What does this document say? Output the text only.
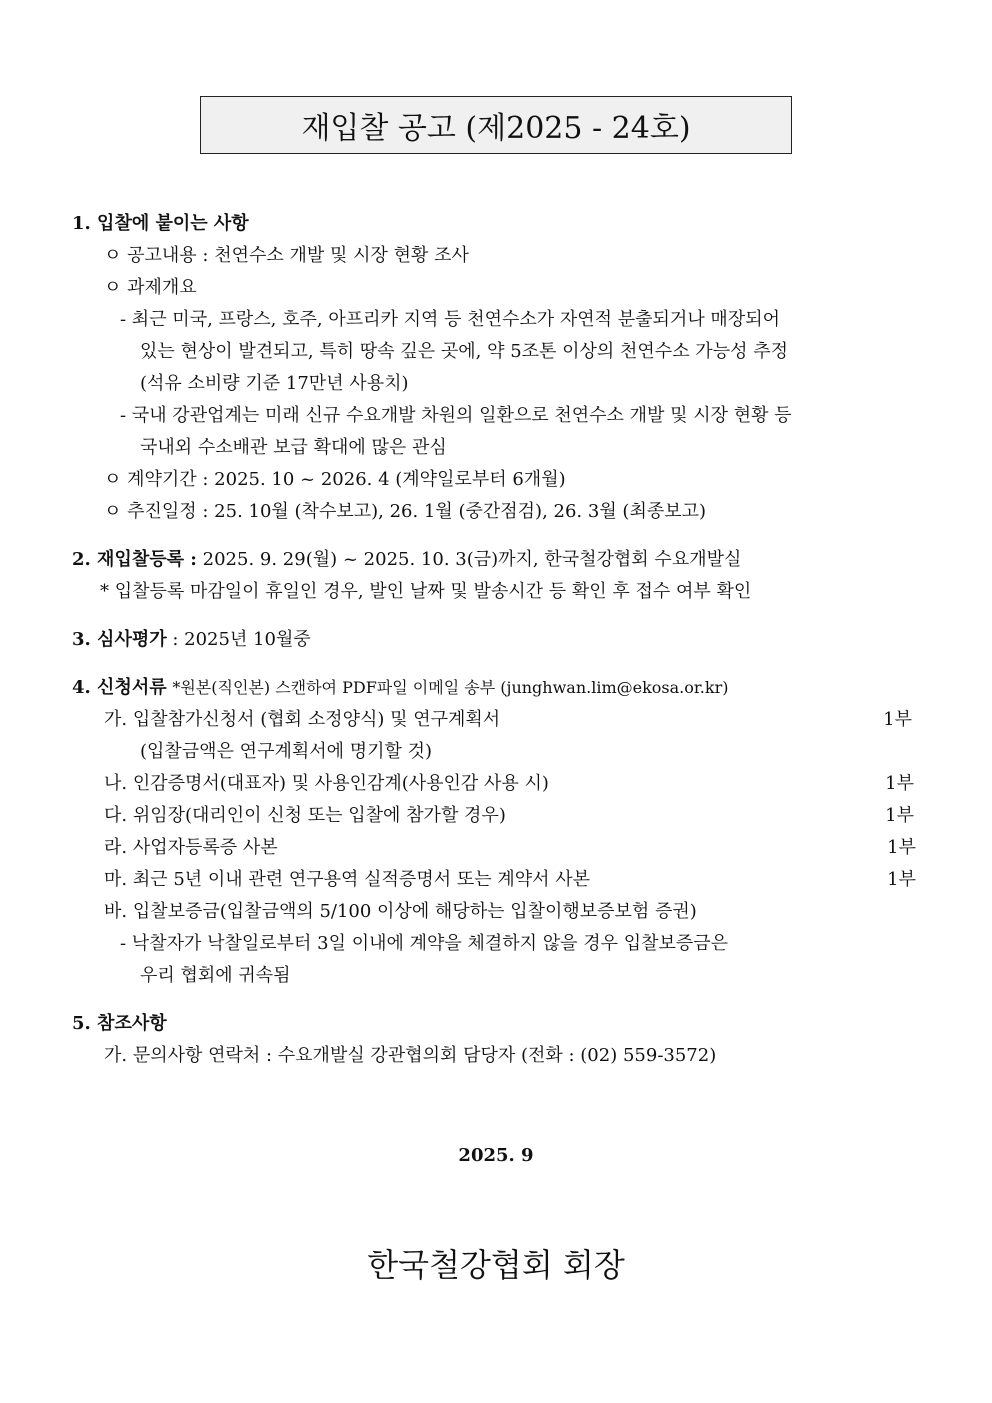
재입찰 공고 (제2025 - 24호)
1. 입찰에 붙이는 사항
ㅇ 공고내용 : 천연수소 개발 및 시장 현황 조사
ㅇ 과제개요
- 최근 미국, 프랑스, 호주, 아프리카 지역 등 천연수소가 자연적 분출되거나 매장되어
있는 현상이 발견되고, 특히 땅속 깊은 곳에, 약 5조톤 이상의 천연수소 가능성 추정
(석유 소비량 기준 17만년 사용치)
- 국내 강관업계는 미래 신규 수요개발 차원의 일환으로 천연수소 개발 및 시장 현황 등
국내외 수소배관 보급 확대에 많은 관심
ㅇ 계약기간 : 2025. 10 ~ 2026. 4 (계약일로부터 6개월)
ㅇ 추진일정 : 25. 10월 (착수보고), 26. 1월 (중간점검), 26. 3월 (최종보고)
2. 재입찰등록 : 2025. 9. 29(월) ~ 2025. 10. 3(금)까지, 한국철강협회 수요개발실
* 입찰등록 마감일이 휴일인 경우, 발인 날짜 및 발송시간 등 확인 후 접수 여부 확인
3. 심사평가 : 2025년 10월중
4. 신청서류 *원본(직인본) 스캔하여 PDF파일 이메일 송부 (junghwan.lim@ekosa.or.kr)
가. 입찰참가신청서 (협회 소정양식) 및 연구계획서	1부
(입찰금액은 연구계획서에 명기할 것)
나. 인감증명서(대표자) 및 사용인감계(사용인감 사용 시)	1부
다. 위임장(대리인이 신청 또는 입찰에 참가할 경우)	1부
라. 사업자등록증 사본	1부
마. 최근 5년 이내 관련 연구용역 실적증명서 또는 계약서 사본	1부
바. 입찰보증금(입찰금액의 5/100 이상에 해당하는 입찰이행보증보험 증권)
- 낙찰자가 낙찰일로부터 3일 이내에 계약을 체결하지 않을 경우 입찰보증금은
우리 협회에 귀속됨
5. 참조사항
가. 문의사항 연락처 : 수요개발실 강관협의회 담당자 (전화 : (02) 559-3572)
2025. 9
한국철강협회 회장
